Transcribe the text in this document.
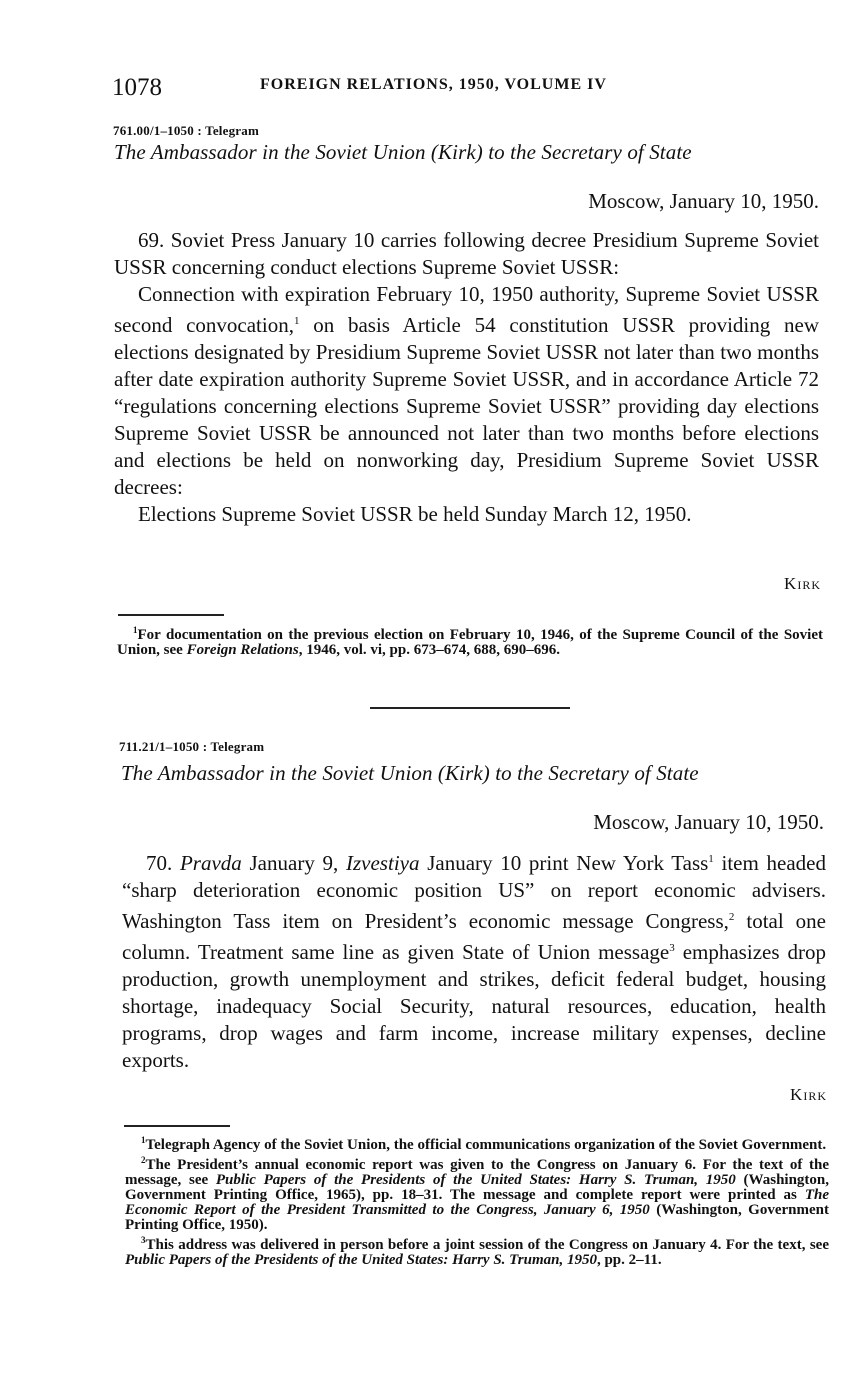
1078	FOREIGN RELATIONS, 1950, VOLUME IV
761.00/1–1050 : Telegram
The Ambassador in the Soviet Union (Kirk) to the Secretary of State
Moscow, January 10, 1950.

69. Soviet Press January 10 carries following decree Presidium Supreme Soviet USSR concerning conduct elections Supreme Soviet USSR:

Connection with expiration February 10, 1950 authority, Supreme Soviet USSR second convocation,$^1$ on basis Article 54 constitution USSR providing new elections designated by Presidium Supreme Soviet USSR not later than two months after date expiration authority Supreme Soviet USSR, and in accordance Article 72 “regulations concerning elections Supreme Soviet USSR” providing day elections Supreme Soviet USSR be announced not later than two months before elections and elections be held on nonworking day, Presidium Supreme Soviet USSR decrees:

Elections Supreme Soviet USSR be held Sunday March 12, 1950.

Kirk

$^1$For documentation on the previous election on February 10, 1946, of the Supreme Council of the Soviet Union, see Foreign Relations, 1946, vol. vi, pp. 673–674, 688, 690–696.

711.21/1–1050 : Telegram
The Ambassador in the Soviet Union (Kirk) to the Secretary of State
Moscow, January 10, 1950.

70. Pravda January 9, Izvestiya January 10 print New York Tass$^1$ item headed “sharp deterioration economic position US” on report economic advisers. Washington Tass item on President’s economic message Congress,$^2$ total one column. Treatment same line as given State of Union message$^3$ emphasizes drop production, growth unemployment and strikes, deficit federal budget, housing shortage, inadequacy Social Security, natural resources, education, health programs, drop wages and farm income, increase military expenses, decline exports.

Kirk

$^1$Telegraph Agency of the Soviet Union, the official communications organization of the Soviet Government.

$^2$The President’s annual economic report was given to the Congress on January 6. For the text of the message, see Public Papers of the Presidents of the United States: Harry S. Truman, 1950 (Washington, Government Printing Office, 1965), pp. 18–31. The message and complete report were printed as The Economic Report of the President Transmitted to the Congress, January 6, 1950 (Washington, Government Printing Office, 1950).

$^3$This address was delivered in person before a joint session of the Congress on January 4. For the text, see Public Papers of the Presidents of the United States: Harry S. Truman, 1950, pp. 2–11.
